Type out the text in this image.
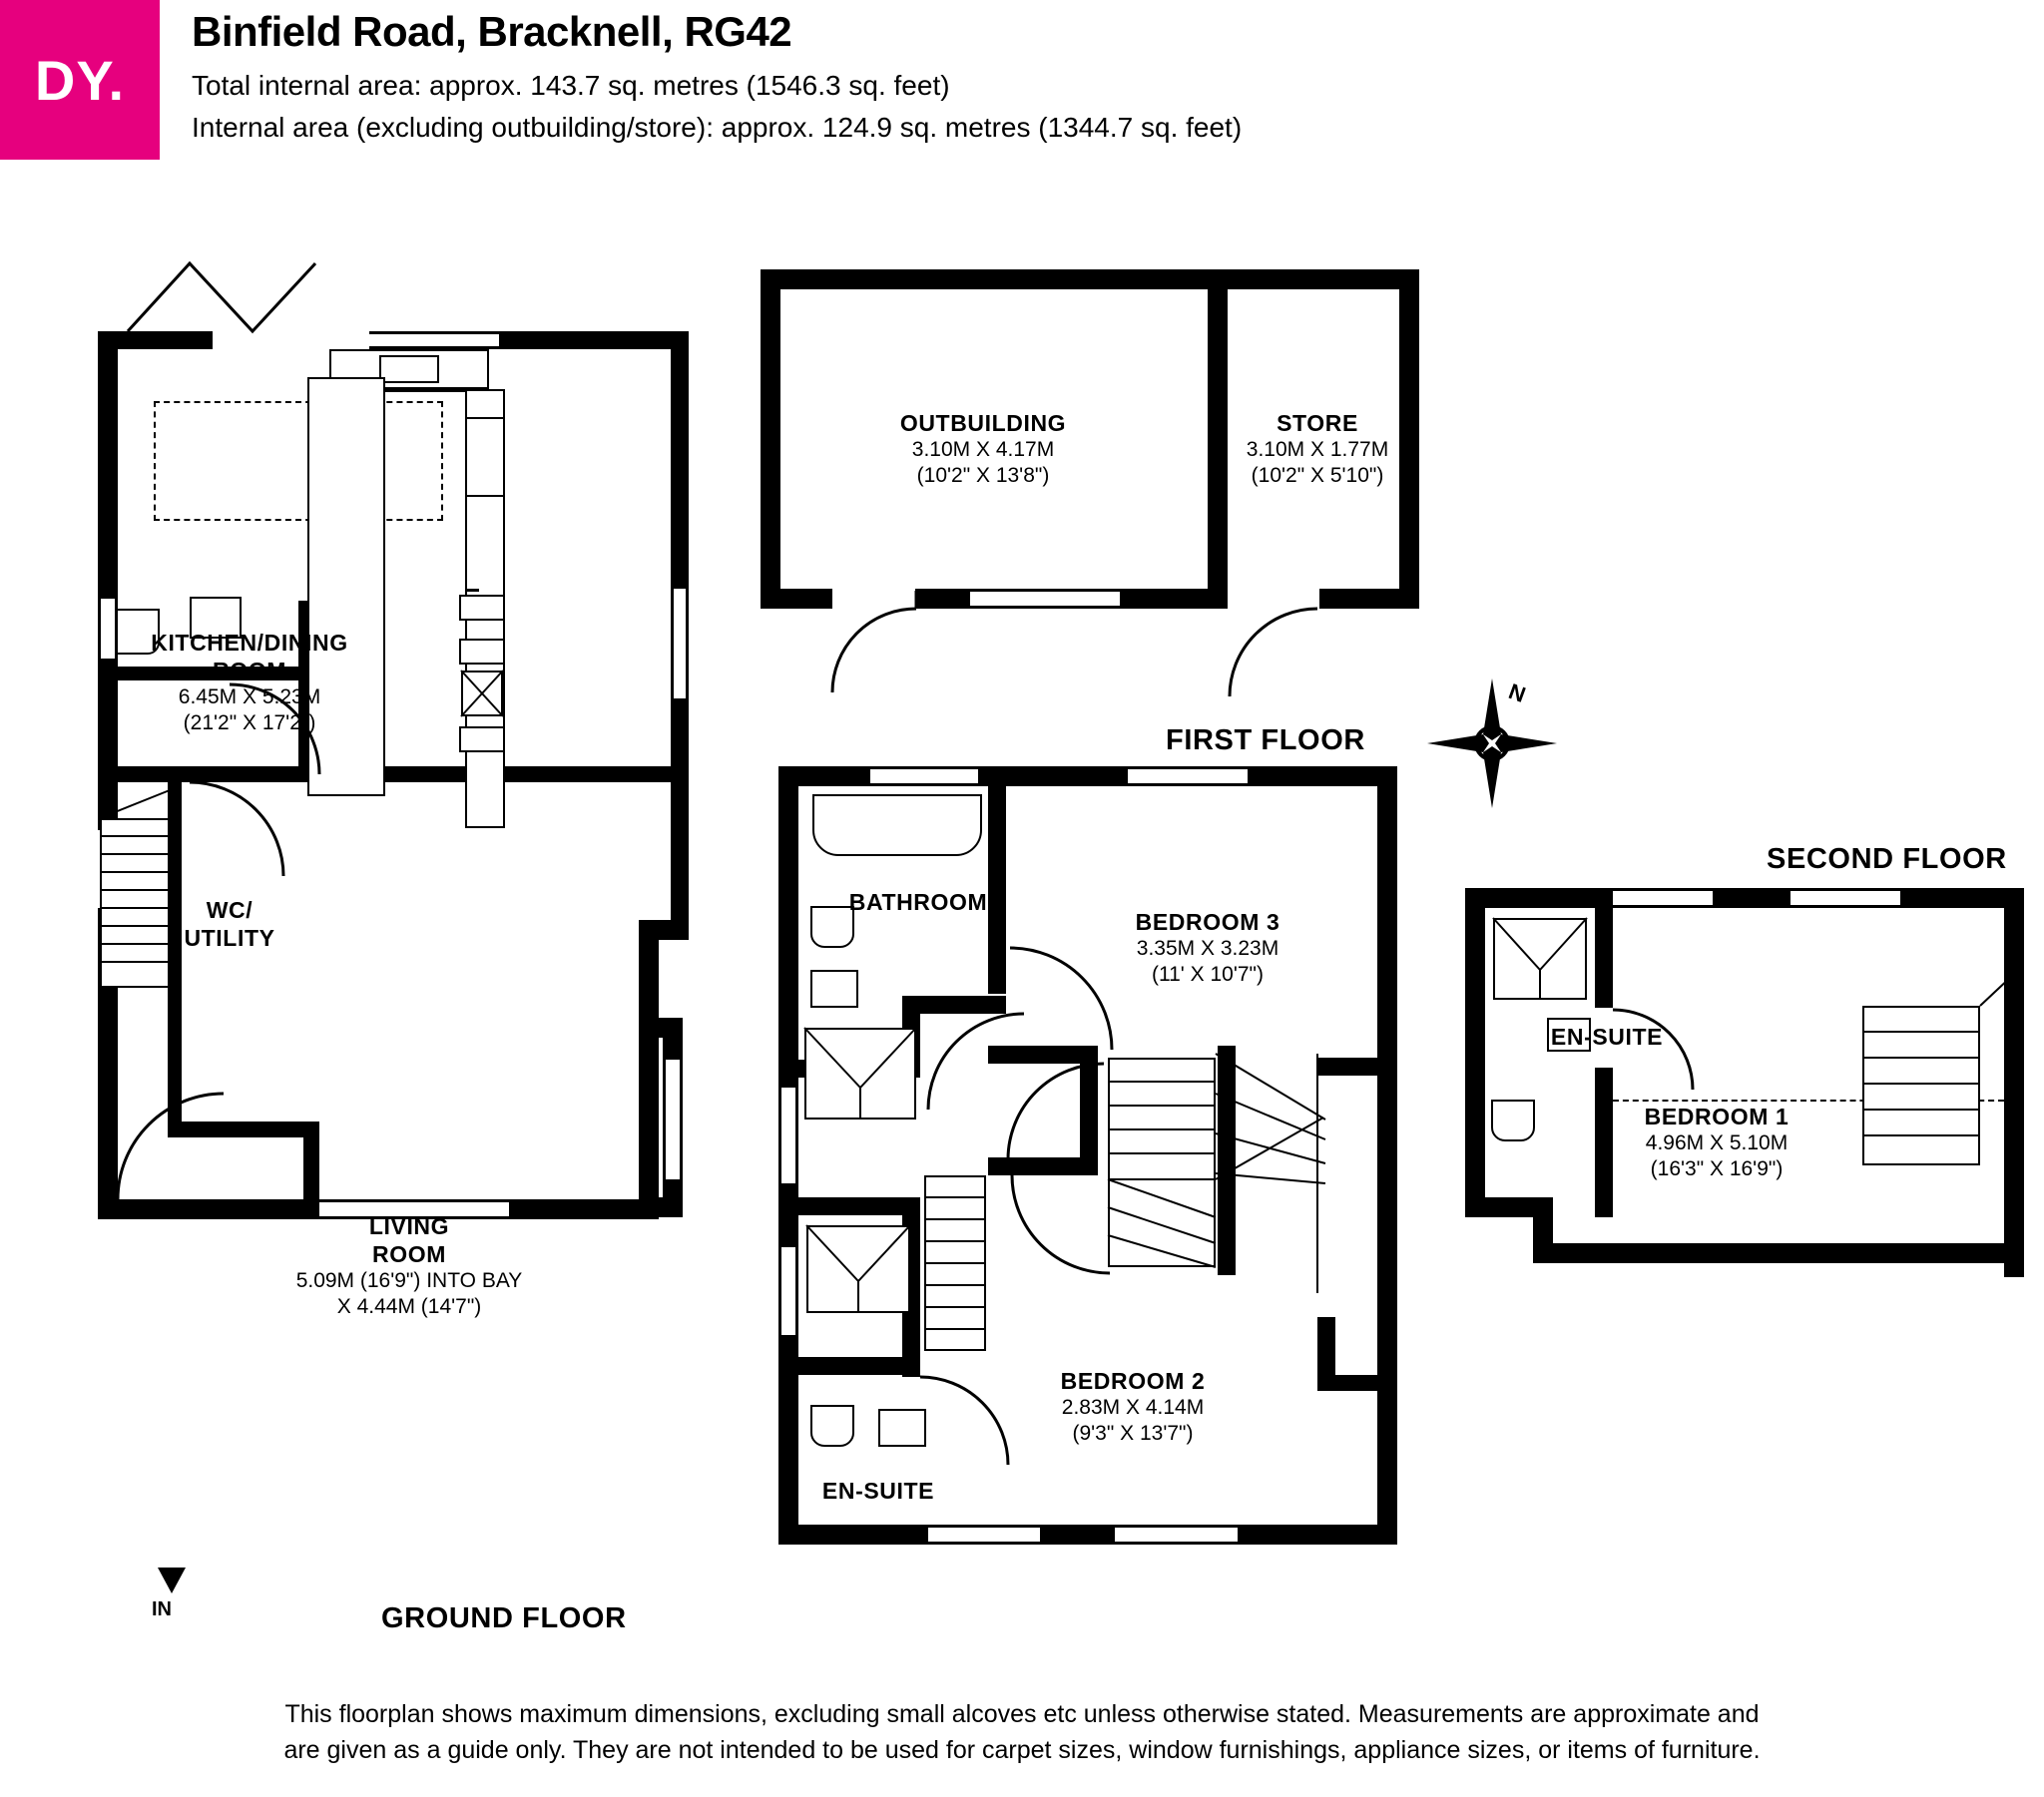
DY.
Binfield Road, Bracknell, RG42
Total internal area: approx. 143.7 sq. metres (1546.3 sq. feet)
Internal area (excluding outbuilding/store): approx. 124.9 sq. metres (1344.7 sq. feet)
KITCHEN/DINING
ROOM
6.45M X 5.23M
(21'2" X 17'2")
WC/
UTILITY
LIVING
ROOM
5.09M (16'9") INTO BAY
X 4.44M (14'7")
IN	GROUND FLOOR
OUTBUILDING
3.10M X 4.17M
(10'2" X 13'8")
STORE
3.10M X 1.77M
(10'2" X 5'10")
N
FIRST FLOOR
BATHROOM
BEDROOM 3
3.35M X 3.23M
(11' X 10'7")
BEDROOM 2
2.83M X 4.14M
(9'3" X 13'7")
EN-SUITE
SECOND FLOOR
EN-SUITE
BEDROOM 1
4.96M X 5.10M
(16'3" X 16'9")
This floorplan shows maximum dimensions, excluding small alcoves etc unless otherwise stated. Measurements are approximate and
are given as a guide only. They are not intended to be used for carpet sizes, window furnishings, appliance sizes, or items of furniture.
